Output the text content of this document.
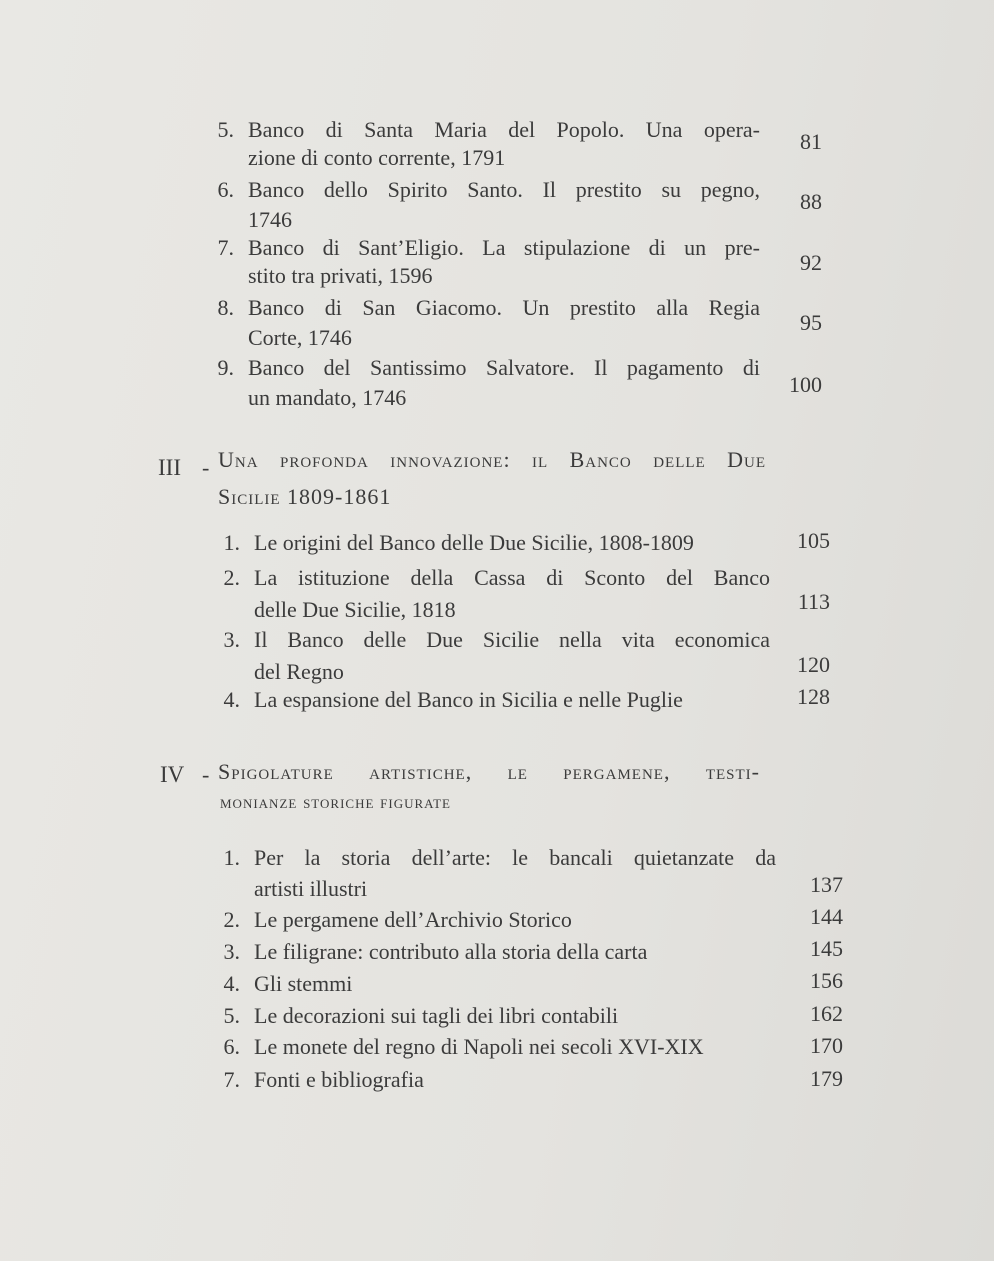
5. Banco di Santa Maria del Popolo. Una opera-
zione di conto corrente, 1791
81
6. Banco dello Spirito Santo. Il prestito su pegno,
1746
88
7. Banco di Sant’Eligio. La stipulazione di un pre-
stito tra privati, 1596
92
8. Banco di San Giacomo. Un prestito alla Regia
Corte, 1746
95
9. Banco del Santissimo Salvatore. Il pagamento di
un mandato, 1746
100
III - Una profonda innovazione: il Banco delle Due
Sicilie 1809-1861
1. Le origini del Banco delle Due Sicilie, 1808-1809	105
2. La istituzione della Cassa di Sconto del Banco
delle Due Sicilie, 1818	113
3. Il Banco delle Due Sicilie nella vita economica
del Regno	120
4. La espansione del Banco in Sicilia e nelle Puglie	128
IV - Spigolature artistiche, le pergamene, testi-
monianze storiche figurate
1. Per la storia dell’arte: le bancali quietanzate da
artisti illustri	137
2. Le pergamene dell’Archivio Storico	144
3. Le filigrane: contributo alla storia della carta	145
4. Gli stemmi	156
5. Le decorazioni sui tagli dei libri contabili	162
6. Le monete del regno di Napoli nei secoli XVI-XIX	170
7. Fonti e bibliografia	179
